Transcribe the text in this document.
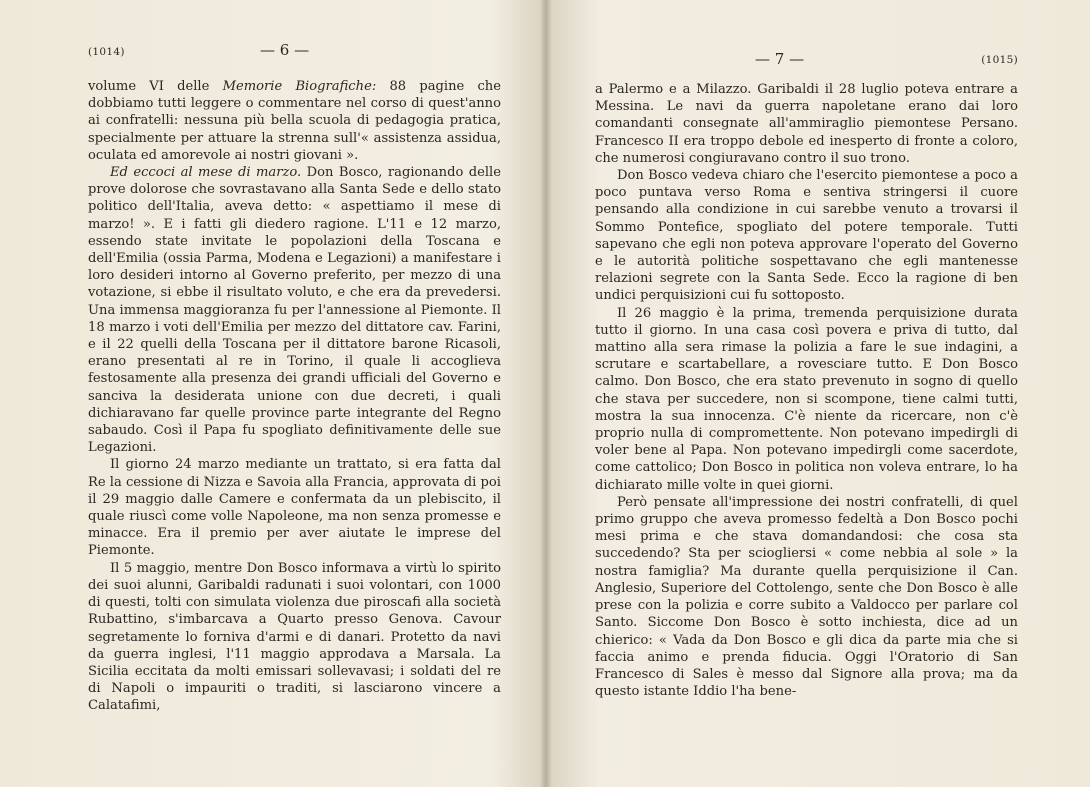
(1014)	— 6 —

volume VI delle Memorie Biografiche: 88 pagine che dobbiamo tutti leggere o commentare nel corso di quest'anno ai confratelli: nessuna più bella scuola di pedagogia pratica, specialmente per attuare la strenna sull'« assistenza assidua, oculata ed amorevole ai nostri giovani ».

Ed eccoci al mese di marzo. Don Bosco, ragionando delle prove dolorose che sovrastavano alla Santa Sede e dello stato politico dell'Italia, aveva detto: « aspettiamo il mese di marzo! ». E i fatti gli diedero ragione. L'11 e 12 marzo, essendo state invitate le popolazioni della Toscana e dell'Emilia (ossia Parma, Modena e Legazioni) a manifestare i loro desideri intorno al Governo preferito, per mezzo di una votazione, si ebbe il risultato voluto, e che era da prevedersi. Una immensa maggioranza fu per l'annessione al Piemonte. Il 18 marzo i voti dell'Emilia per mezzo del dittatore cav. Farini, e il 22 quelli della Toscana per il dittatore barone Ricasoli, erano presentati al re in Torino, il quale li accoglieva festosamente alla presenza dei grandi ufficiali del Governo e sanciva la desiderata unione con due decreti, i quali dichiaravano far quelle province parte integrante del Regno sabaudo. Così il Papa fu spogliato definitivamente delle sue Legazioni.

Il giorno 24 marzo mediante un trattato, si era fatta dal Re la cessione di Nizza e Savoia alla Francia, approvata di poi il 29 maggio dalle Camere e confermata da un plebiscito, il quale riuscì come volle Napoleone, ma non senza promesse e minacce. Era il premio per aver aiutate le imprese del Piemonte.

Il 5 maggio, mentre Don Bosco informava a virtù lo spirito dei suoi alunni, Garibaldi radunati i suoi volontari, con 1000 di questi, tolti con simulata violenza due piroscafi alla società Rubattino, s'imbarcava a Quarto presso Genova. Cavour segretamente lo forniva d'armi e di danari. Protetto da navi da guerra inglesi, l'11 maggio approdava a Marsala. La Sicilia eccitata da molti emissari sollevavasi; i soldati del re di Napoli o impauriti o traditi, si lasciarono vincere a Calatafimi,

— 7 —	(1015)

a Palermo e a Milazzo. Garibaldi il 28 luglio poteva entrare a Messina. Le navi da guerra napoletane erano dai loro comandanti consegnate all'ammiraglio piemontese Persano. Francesco II era troppo debole ed inesperto di fronte a coloro, che numerosi congiuravano contro il suo trono.

Don Bosco vedeva chiaro che l'esercito piemontese a poco a poco puntava verso Roma e sentiva stringersi il cuore pensando alla condizione in cui sarebbe venuto a trovarsi il Sommo Pontefice, spogliato del potere temporale. Tutti sapevano che egli non poteva approvare l'operato del Governo e le autorità politiche sospettavano che egli mantenesse relazioni segrete con la Santa Sede. Ecco la ragione di ben undici perquisizioni cui fu sottoposto.

Il 26 maggio è la prima, tremenda perquisizione durata tutto il giorno. In una casa così povera e priva di tutto, dal mattino alla sera rimase la polizia a fare le sue indagini, a scrutare e scartabellare, a rovesciare tutto. E Don Bosco calmo. Don Bosco, che era stato prevenuto in sogno di quello che stava per succedere, non si scompone, tiene calmi tutti, mostra la sua innocenza. C'è niente da ricercare, non c'è proprio nulla di compromettente. Non potevano impedirgli di voler bene al Papa. Non potevano impedirgli come sacerdote, come cattolico; Don Bosco in politica non voleva entrare, lo ha dichiarato mille volte in quei giorni.

Però pensate all'impressione dei nostri confratelli, di quel primo gruppo che aveva promesso fedeltà a Don Bosco pochi mesi prima e che stava domandandosi: che cosa sta succedendo? Sta per sciogliersi « come nebbia al sole » la nostra famiglia? Ma durante quella perquisizione il Can. Anglesio, Superiore del Cottolengo, sente che Don Bosco è alle prese con la polizia e corre subito a Valdocco per parlare col Santo. Siccome Don Bosco è sotto inchiesta, dice ad un chierico: « Vada da Don Bosco e gli dica da parte mia che si faccia animo e prenda fiducia. Oggi l'Oratorio di San Francesco di Sales è messo dal Signore alla prova; ma da questo istante Iddio l'ha bene-
